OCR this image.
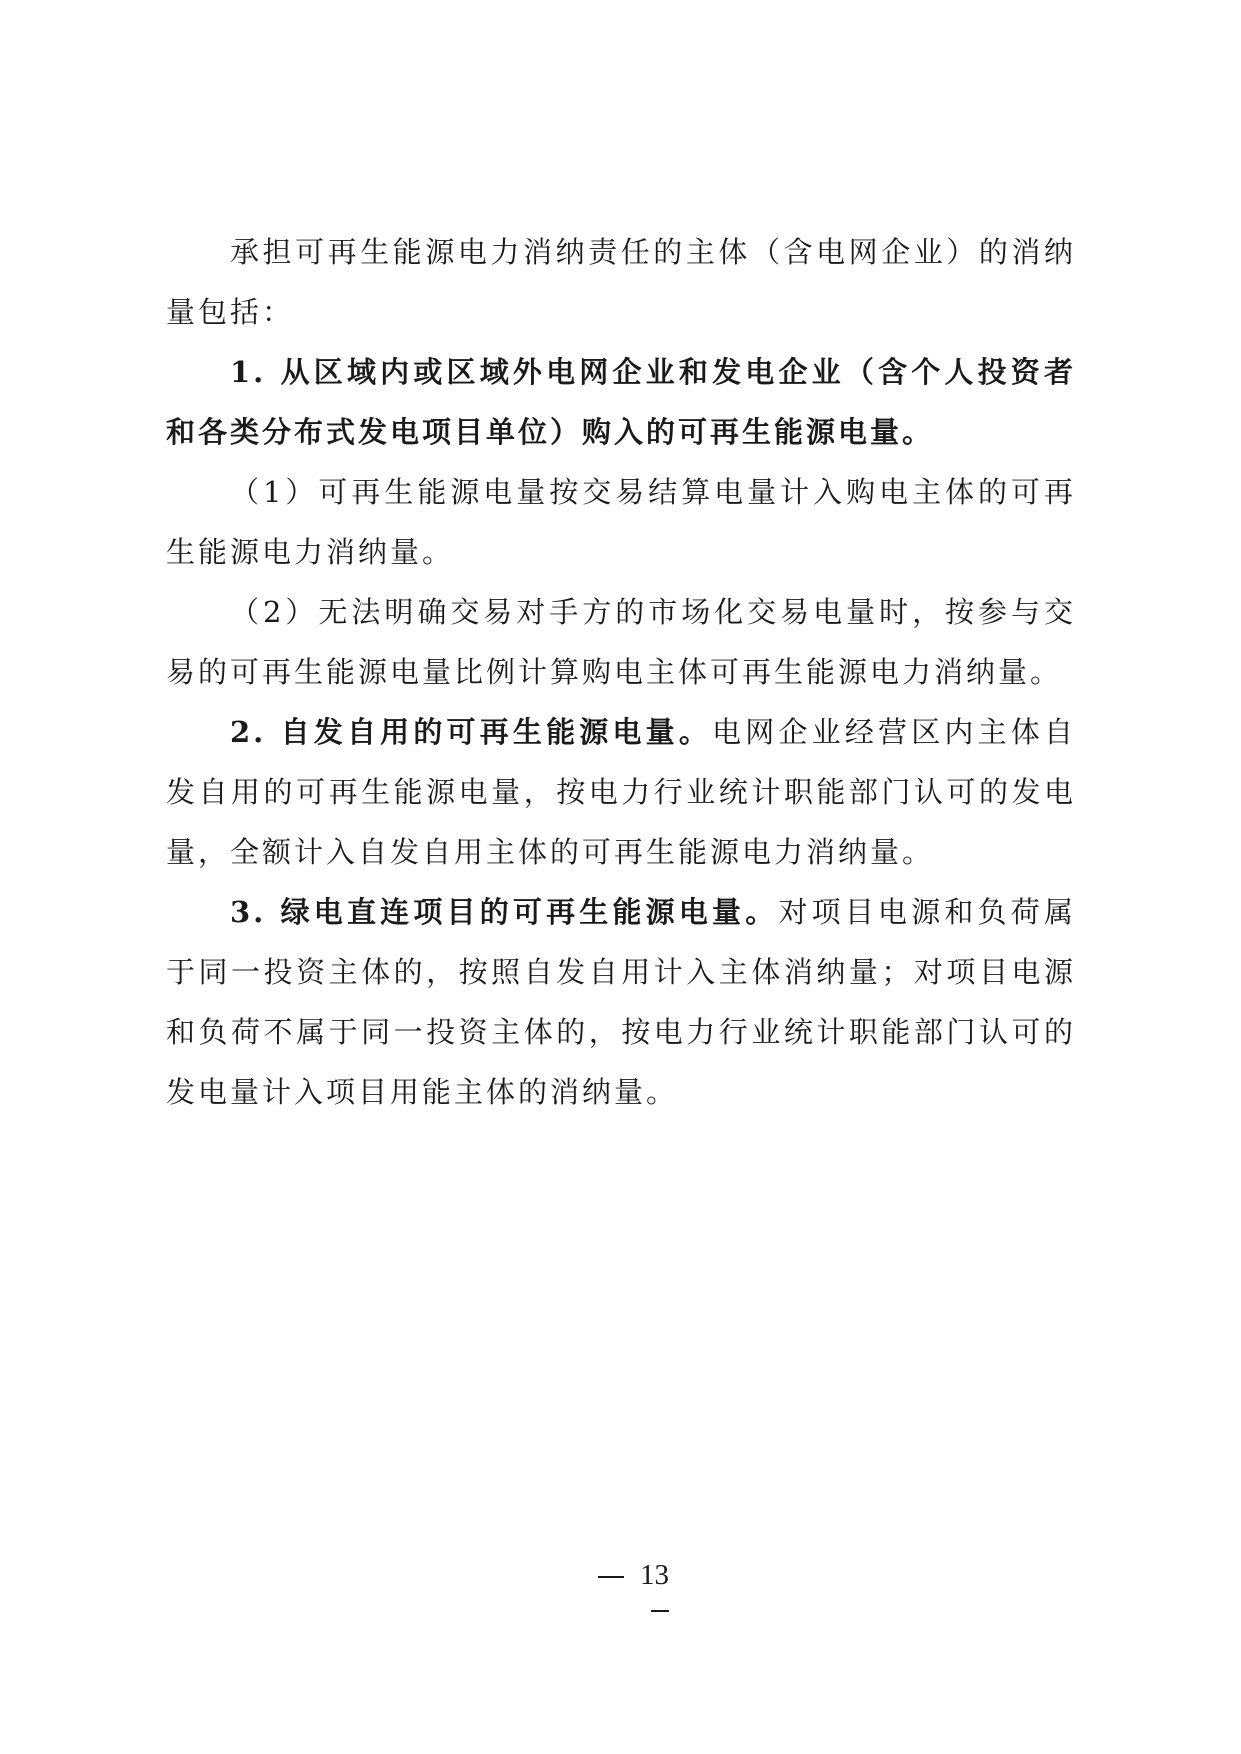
承担可再生能源电力消纳责任的主体（含电网企业）的消纳量包括：

1. 从区域内或区域外电网企业和发电企业（含个人投资者和各类分布式发电项目单位）购入的可再生能源电量。

（1）可再生能源电量按交易结算电量计入购电主体的可再生能源电力消纳量。

（2）无法明确交易对手方的市场化交易电量时，按参与交易的可再生能源电量比例计算购电主体可再生能源电力消纳量。

2. 自发自用的可再生能源电量。电网企业经营区内主体自发自用的可再生能源电量，按电力行业统计职能部门认可的发电量，全额计入自发自用主体的可再生能源电力消纳量。

3. 绿电直连项目的可再生能源电量。对项目电源和负荷属于同一投资主体的，按照自发自用计入主体消纳量；对项目电源和负荷不属于同一投资主体的，按电力行业统计职能部门认可的发电量计入项目用能主体的消纳量。

13
